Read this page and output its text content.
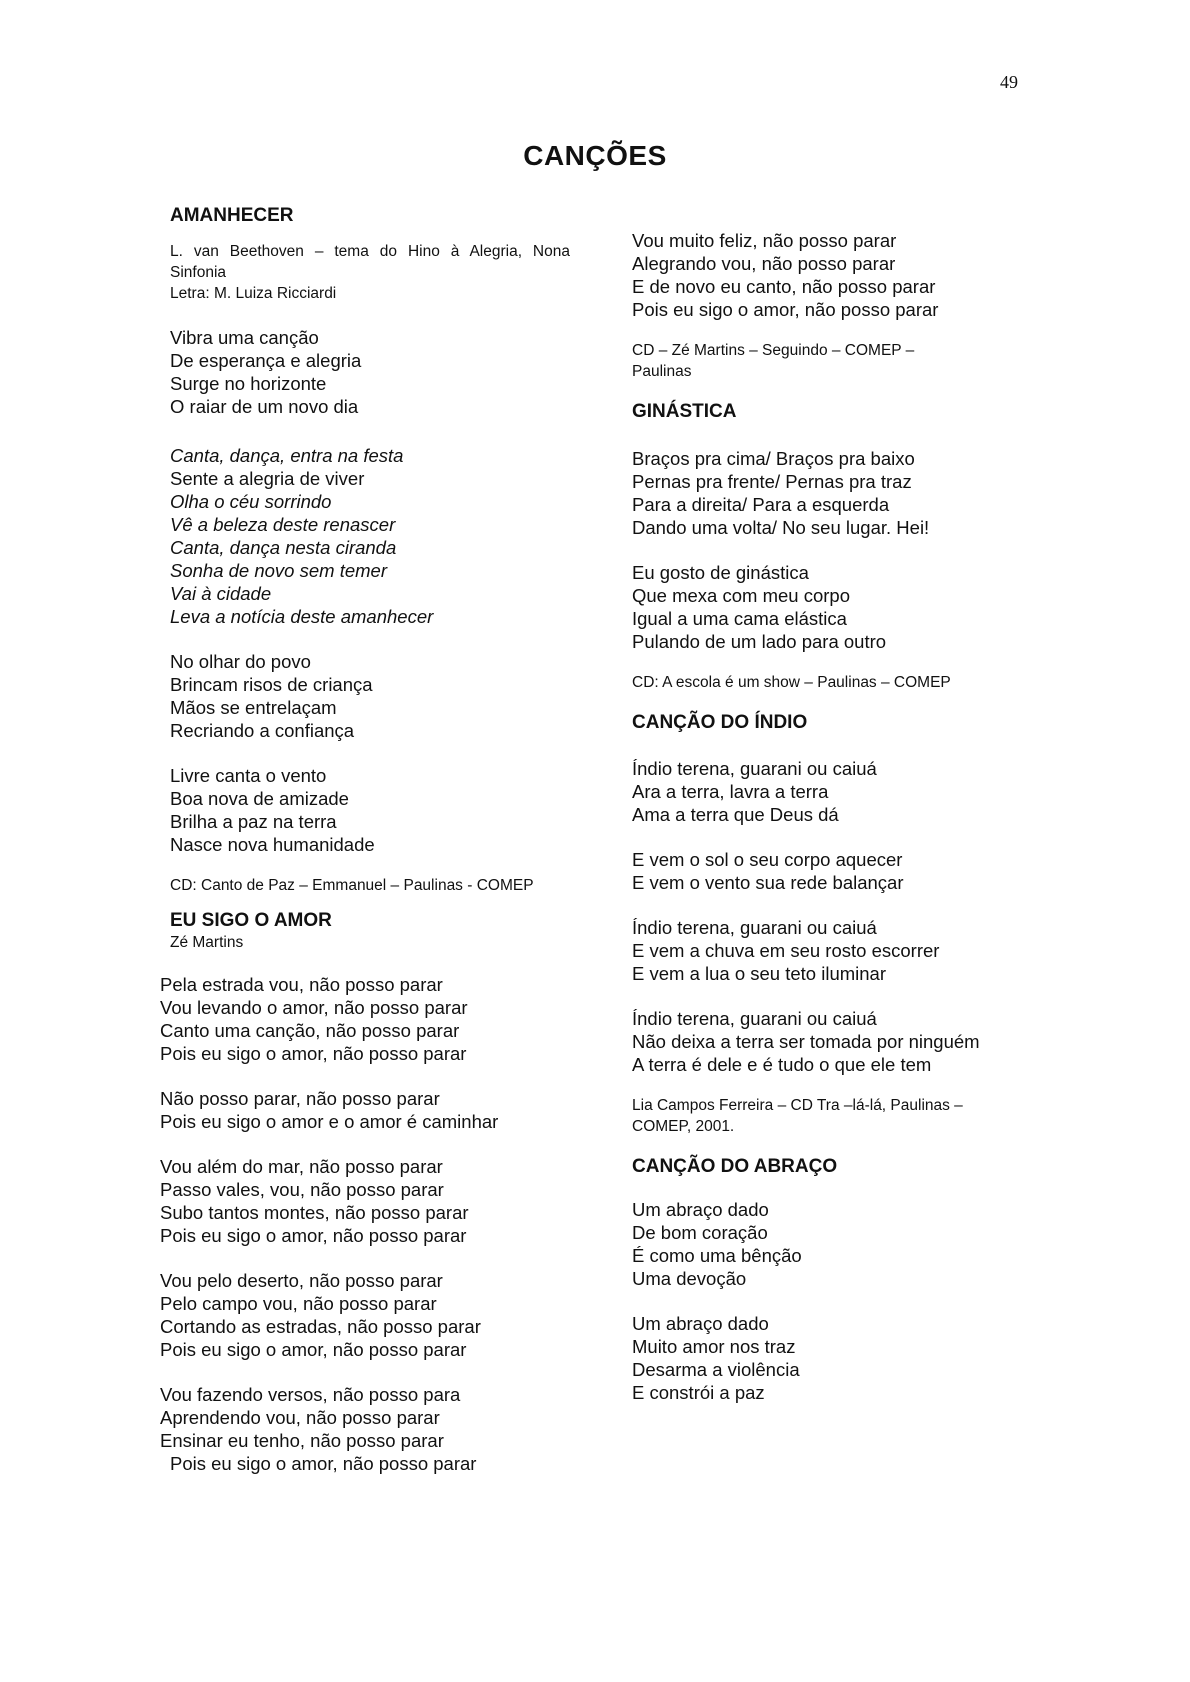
49
CANÇÕES

AMANHECER

L. van Beethoven – tema do Hino à Alegria, Nona Sinfonia

Letra: M. Luiza Ricciardi

Vibra uma canção
De esperança e alegria
Surge no horizonte
O raiar de um novo dia
Canta, dança, entra na festa
Sente a alegria de viver
Olha o céu sorrindo
Vê a beleza deste renascer
Canta, dança nesta ciranda
Sonha de novo sem temer
Vai à cidade
Leva a notícia deste amanhecer
No olhar do povo
Brincam risos de criança
Mãos se entrelaçam
Recriando a confiança
Livre canta o vento
Boa nova de amizade
Brilha a paz na terra
Nasce nova humanidade

CD: Canto de Paz – Emmanuel – Paulinas - COMEP

EU SIGO O AMOR

Zé Martins

Pela estrada vou, não posso parar
Vou levando o amor, não posso parar
Canto uma canção, não posso parar
Pois eu sigo o amor, não posso parar
Não posso parar, não posso parar
Pois eu sigo o amor e o amor é caminhar
Vou além do mar, não posso parar
Passo vales, vou, não posso parar
Subo tantos montes, não posso parar
Pois eu sigo o amor, não posso parar
Vou pelo deserto, não posso parar
Pelo campo vou, não posso parar
Cortando as estradas, não posso parar
Pois eu sigo o amor, não posso parar
Vou fazendo versos, não posso para
Aprendendo vou, não posso parar
Ensinar eu tenho, não posso parar
Pois eu sigo o amor, não posso parar
Vou muito feliz, não posso parar
Alegrando vou, não posso parar
E de novo eu canto, não posso parar
Pois eu sigo o amor, não posso parar

CD – Zé Martins – Seguindo – COMEP –

Paulinas

GINÁSTICA

Braços pra cima/ Braços pra baixo
Pernas pra frente/ Pernas pra traz
Para a direita/ Para a esquerda
Dando uma volta/ No seu lugar. Hei!
Eu gosto de ginástica
Que mexa com meu corpo
Igual a uma cama elástica
Pulando de um lado para outro

CD: A escola é um show – Paulinas – COMEP

CANÇÃO DO ÍNDIO

Índio terena, guarani ou caiuá
Ara a terra, lavra a terra
Ama a terra que Deus dá
E vem o sol o seu corpo aquecer
E vem o vento sua rede balançar
Índio terena, guarani ou caiuá
E vem a chuva em seu rosto escorrer
E vem a lua o seu teto iluminar
Índio terena, guarani ou caiuá
Não deixa a terra ser tomada por ninguém
A terra é dele e é tudo o que ele tem

Lia Campos Ferreira – CD Tra –lá-lá, Paulinas –

COMEP, 2001.

CANÇÃO DO ABRAÇO

Um abraço dado
De bom coração
É como uma bênção
Uma devoção
Um abraço dado
Muito amor nos traz
Desarma a violência
E constrói a paz
